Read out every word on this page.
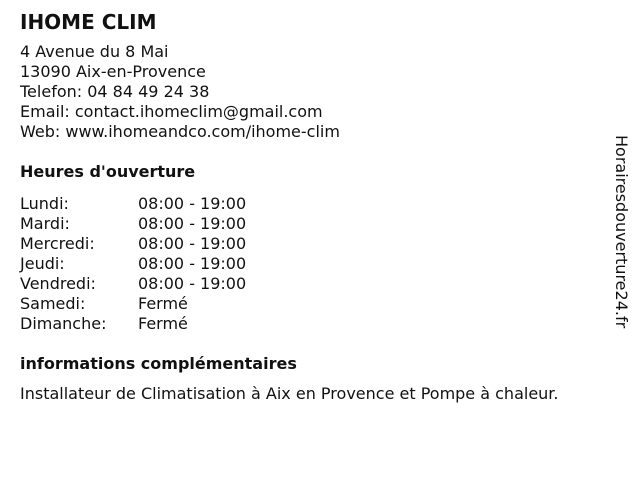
IHOME CLIM
4 Avenue du 8 Mai
13090 Aix-en-Provence
Telefon: 04 84 49 24 38
Email: contact.ihomeclim@gmail.com
Web: www.ihomeandco.com/ihome-clim
Heures d'ouverture
Lundi:	08:00 - 19:00
Mardi:	08:00 - 19:00
Mercredi:	08:00 - 19:00
Jeudi:	08:00 - 19:00
Vendredi:	08:00 - 19:00
Samedi:	Fermé
Dimanche:	Fermé
informations complémentaires
Installateur de Climatisation à Aix en Provence et Pompe à chaleur.
Horairesdouverture24.fr
